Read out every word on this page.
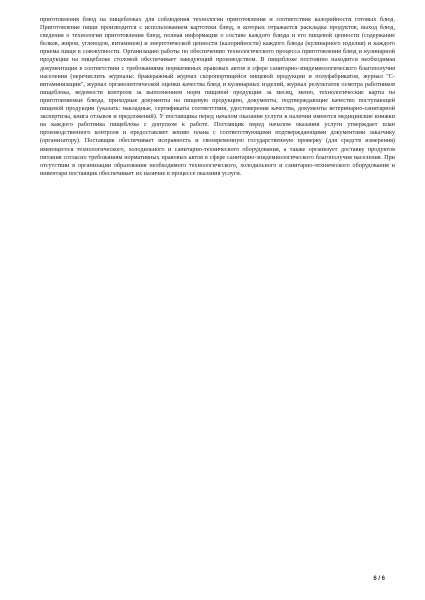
приготовления блюд на пищеблоках для соблюдения технологии приготовления и соответствия калорийности готовых блюд. Приготовление пищи производится с использованием картотеки блюд, в которых отражается раскладка продуктов, выход блюд, сведения о технологии приготовления блюд, полная информация о составе каждого блюда и его пищевой ценности (содержание белков, жиров, углеводов, витаминов) и энергетической ценности (калорийности) каждого блюда (кулинарного изделия) и каждого приема пищи в совокупности. Организацию работы по обеспечению технологического процесса приготовления блюд и кулинарной продукции на пищеблоке столовой обеспечивает заведующий производством. В пищеблоке постоянно находится необходимая документация в соответствии с требованиями нормативных правовых актов в сфере санитарно-эпидемиологического благополучия населения (перечислить журналы: бракеражный журнал скоропортящейся пищевой продукции и полуфабрикатов, журнал "С-витаминизации", журнал органолептической оценки качества блюд и кулинарных изделий, журнал результатов осмотра работников пищеблока, ведомости контроля за выполнением норм пищевой продукции за месяц, меню, технологические карты на приготовляемые блюда, приходные документы на пищевую продукцию, документы, подтверждающие качество поступающей пищевой продукции (указать: накладные, сертификаты соответствия, удостоверения качества, документы ветеринарно-санитарной экспертизы, книга отзывов и предложений). У поставщика перед началом оказания услуги в наличии имеются медицинские книжки на каждого работника пищеблока с допуском к работе. Поставщик перед началом оказания услуги утверждает план производственного контроля и предоставляет копию плана с соответствующими подтверждающими документами заказчику (организатору). Поставщик обеспечивает исправность и своевременную государственную проверку (для средств измерения) имеющегося технологического, холодильного и санитарно-технического оборудования, а также организует доставку продуктов питания согласно требованиям нормативных правовых актов в сфере санитарно-эпидемиологического благополучия населения. При отсутствии в организации образования необходимого технологического, холодильного и санитарно-технического оборудования и инвентаря поставщик обеспечивает их наличие в процессе оказания услуги.

6 / 6
